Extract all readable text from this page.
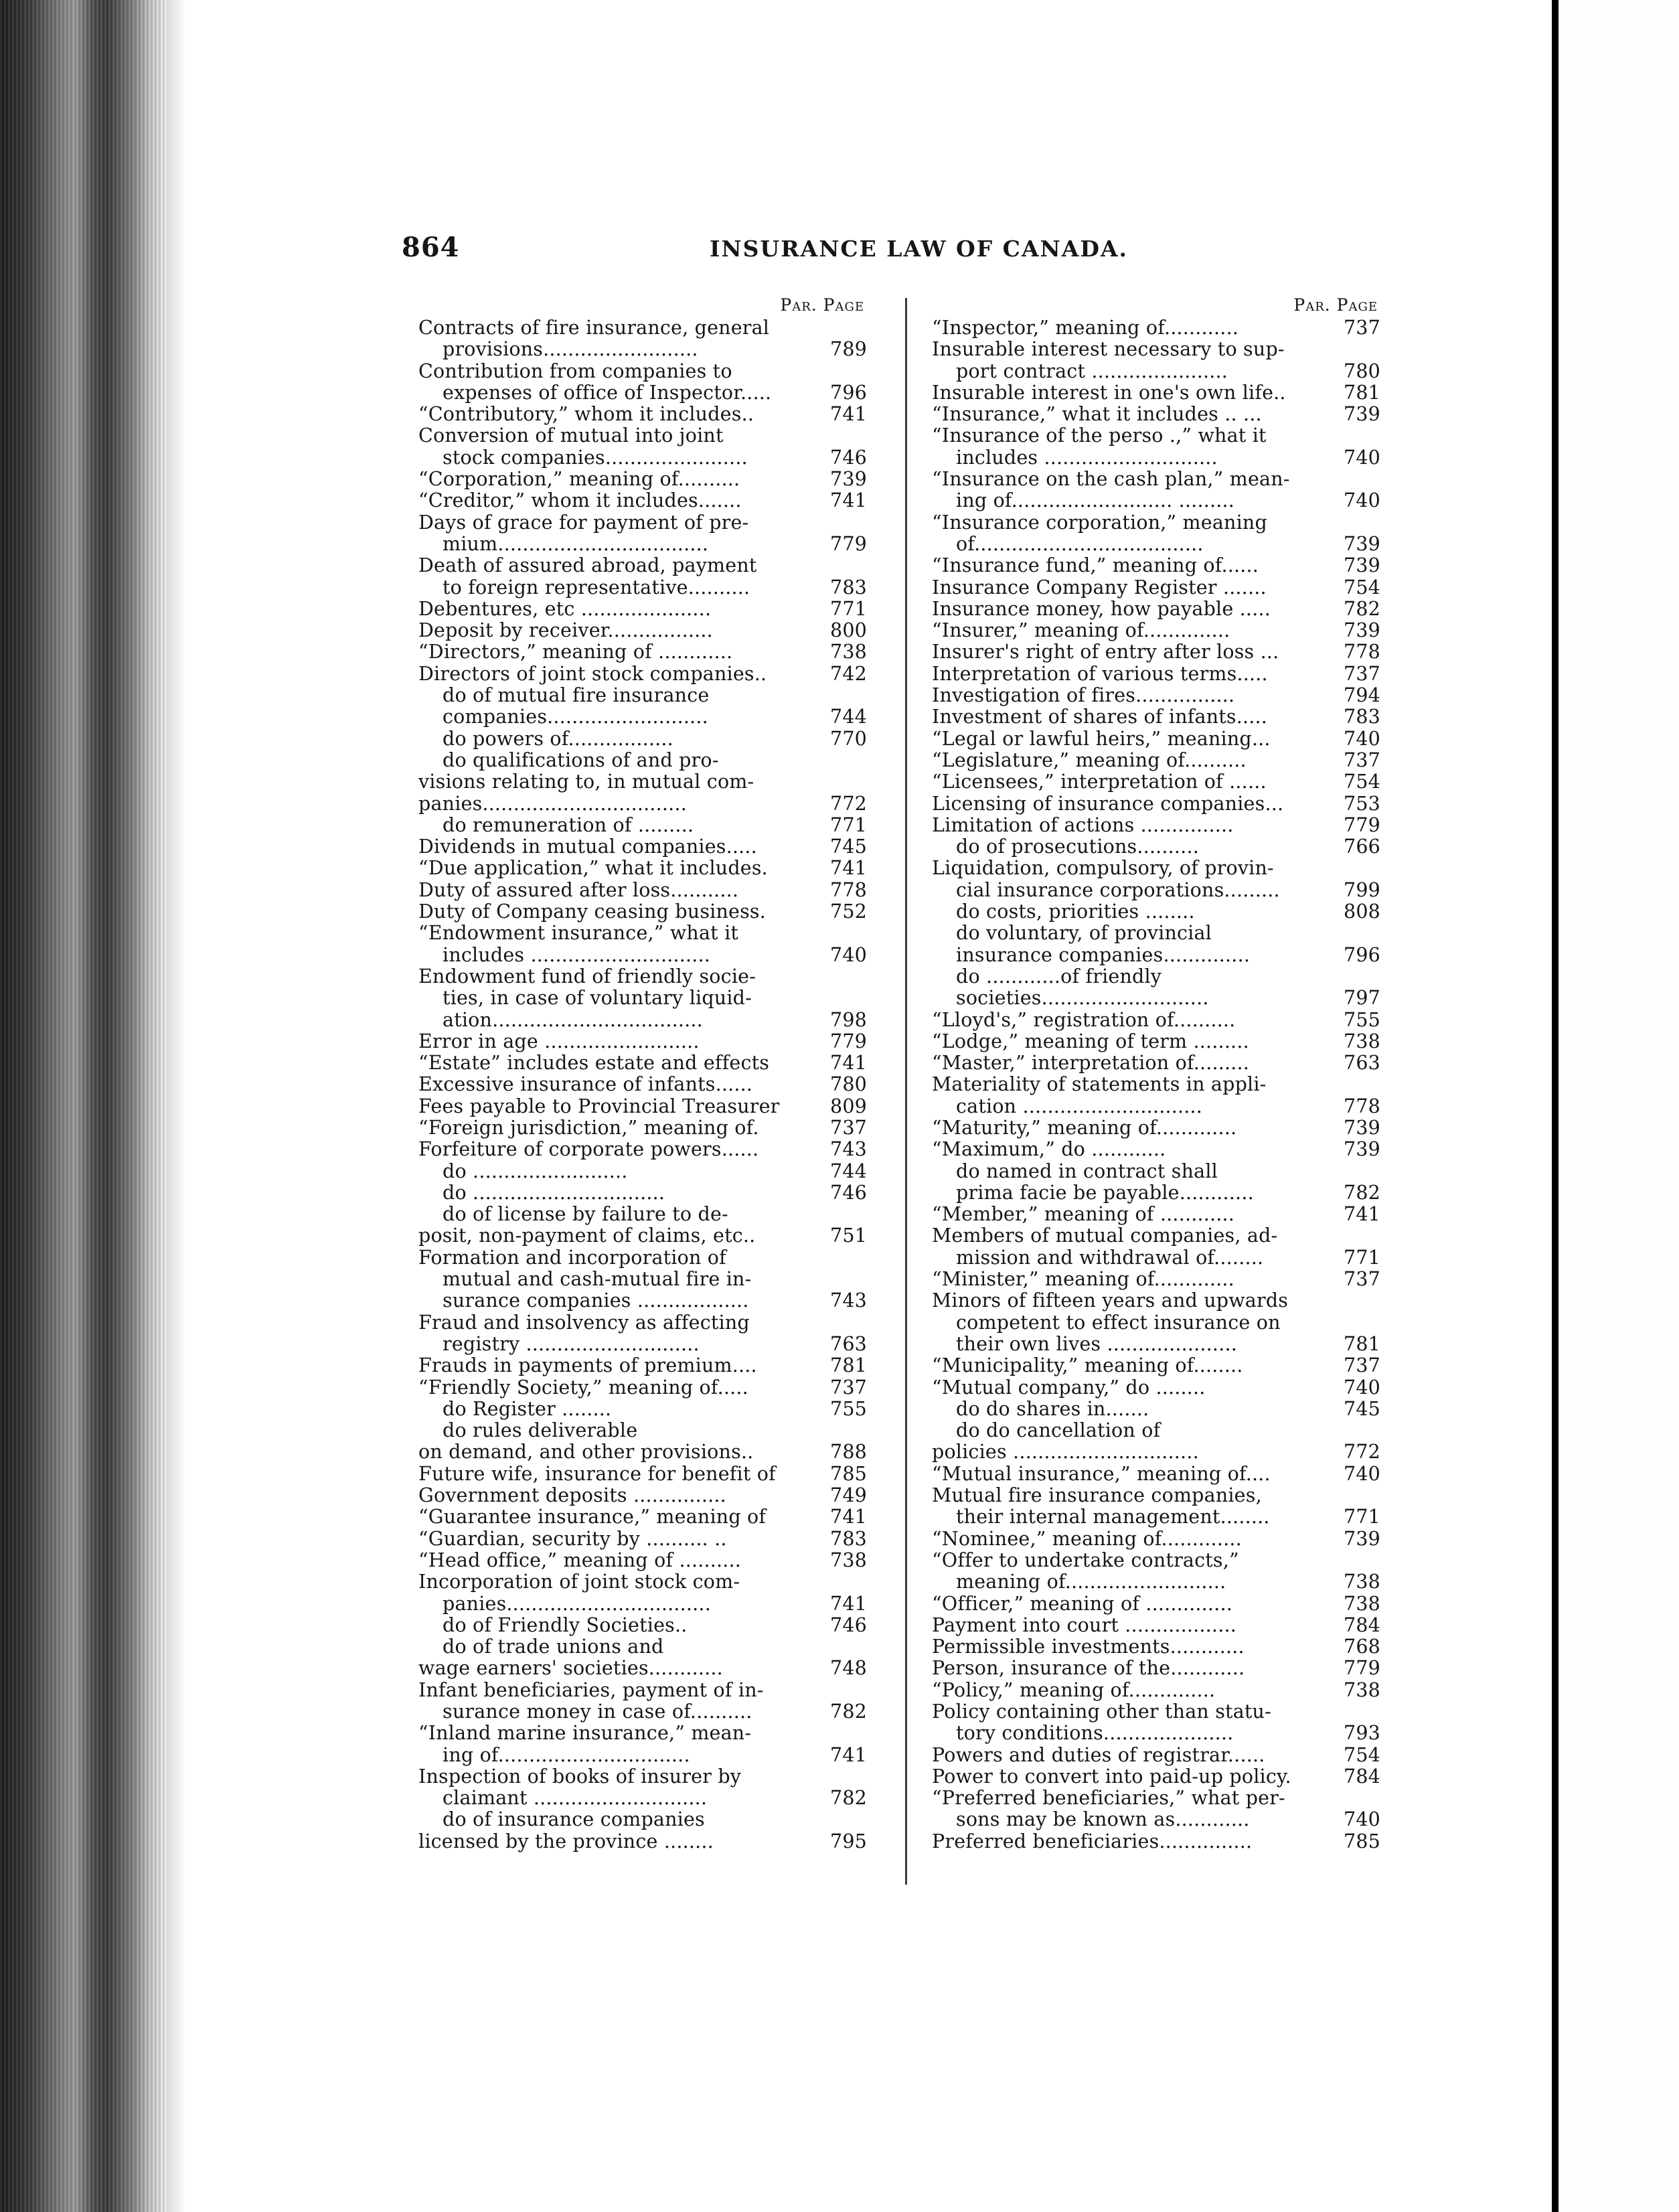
864	INSURANCE LAW OF CANADA.
Par. Page
Contracts of fire insurance, general
provisions.........................	789
Contribution from companies to
expenses of office of Inspector.....	796
“Contributory,” whom it includes..	741
Conversion of mutual into joint
stock companies.......................	746
“Corporation,” meaning of..........	739
“Creditor,” whom it includes.......	741
Days of grace for payment of pre-
mium..................................	779
Death of assured abroad, payment
to foreign representative..........	783
Debentures, etc .....................	771
Deposit by receiver.................	800
“Directors,” meaning of ............	738
Directors of joint stock companies..	742
do of mutual fire insurance
companies..........................	744
do powers of.................	770
do qualifications of and pro-
visions relating to, in mutual com-
panies.................................	772
do remuneration of .........	771
Dividends in mutual companies.....	745
“Due application,” what it includes.	741
Duty of assured after loss...........	778
Duty of Company ceasing business.	752
“Endowment insurance,” what it
includes .............................	740
Endowment fund of friendly socie-
ties, in case of voluntary liquid-
ation..................................	798
Error in age .........................	779
“Estate” includes estate and effects	741
Excessive insurance of infants......	780
Fees payable to Provincial Treasurer	809
“Foreign jurisdiction,” meaning of.	737
Forfeiture of corporate powers......	743
do .........................	744
do ...............................	746
do of license by failure to de-
posit, non-payment of claims, etc..	751
Formation and incorporation of
mutual and cash-mutual fire in-
surance companies ..................	743
Fraud and insolvency as affecting
registry ............................	763
Frauds in payments of premium....	781
“Friendly Society,” meaning of.....	737
do Register ........	755
do rules deliverable
on demand, and other provisions..	788
Future wife, insurance for benefit of	785
Government deposits ...............	749
“Guarantee insurance,” meaning of	741
“Guardian, security by .......... ..	783
“Head office,” meaning of ..........	738
Incorporation of joint stock com-
panies.................................	741
do of Friendly Societies..	746
do of trade unions and
wage earners' societies............	748
Infant beneficiaries, payment of in-
surance money in case of..........	782
“Inland marine insurance,” mean-
ing of...............................	741
Inspection of books of insurer by
claimant ............................	782
do of insurance companies
licensed by the province ........	795
Par. Page
“Inspector,” meaning of............	737
Insurable interest necessary to sup-
port contract ......................	780
Insurable interest in one's own life..	781
“Insurance,” what it includes .. ...	739
“Insurance of the perso .,” what it
includes ............................	740
“Insurance on the cash plan,” mean-
ing of.......................... .........	740
“Insurance corporation,” meaning
of.....................................	739
“Insurance fund,” meaning of......	739
Insurance Company Register .......	754
Insurance money, how payable .....	782
“Insurer,” meaning of..............	739
Insurer's right of entry after loss ...	778
Interpretation of various terms.....	737
Investigation of fires................	794
Investment of shares of infants.....	783
“Legal or lawful heirs,” meaning...	740
“Legislature,” meaning of..........	737
“Licensees,” interpretation of ......	754
Licensing of insurance companies...	753
Limitation of actions ...............	779
do of prosecutions..........	766
Liquidation, compulsory, of provin-
cial insurance corporations.........	799
do costs, priorities ........	808
do voluntary, of provincial
insurance companies..............	796
do ............of friendly
societies...........................	797
“Lloyd's,” registration of..........	755
“Lodge,” meaning of term .........	738
“Master,” interpretation of.........	763
Materiality of statements in appli-
cation .............................	778
“Maturity,” meaning of.............	739
“Maximum,” do ............	739
do named in contract shall
prima facie be payable............	782
“Member,” meaning of ............	741
Members of mutual companies, ad-
mission and withdrawal of........	771
“Minister,” meaning of.............	737
Minors of fifteen years and upwards
competent to effect insurance on
their own lives .....................	781
“Municipality,” meaning of........	737
“Mutual company,” do ........	740
do do shares in.......	745
do do cancellation of
policies ..............................	772
“Mutual insurance,” meaning of....	740
Mutual fire insurance companies,
their internal management........	771
“Nominee,” meaning of.............	739
“Offer to undertake contracts,”
meaning of..........................	738
“Officer,” meaning of ..............	738
Payment into court ..................	784
Permissible investments............	768
Person, insurance of the............	779
“Policy,” meaning of..............	738
Policy containing other than statu-
tory conditions.....................	793
Powers and duties of registrar......	754
Power to convert into paid-up policy.	784
“Preferred beneficiaries,” what per-
sons may be known as............	740
Preferred beneficiaries...............	785
